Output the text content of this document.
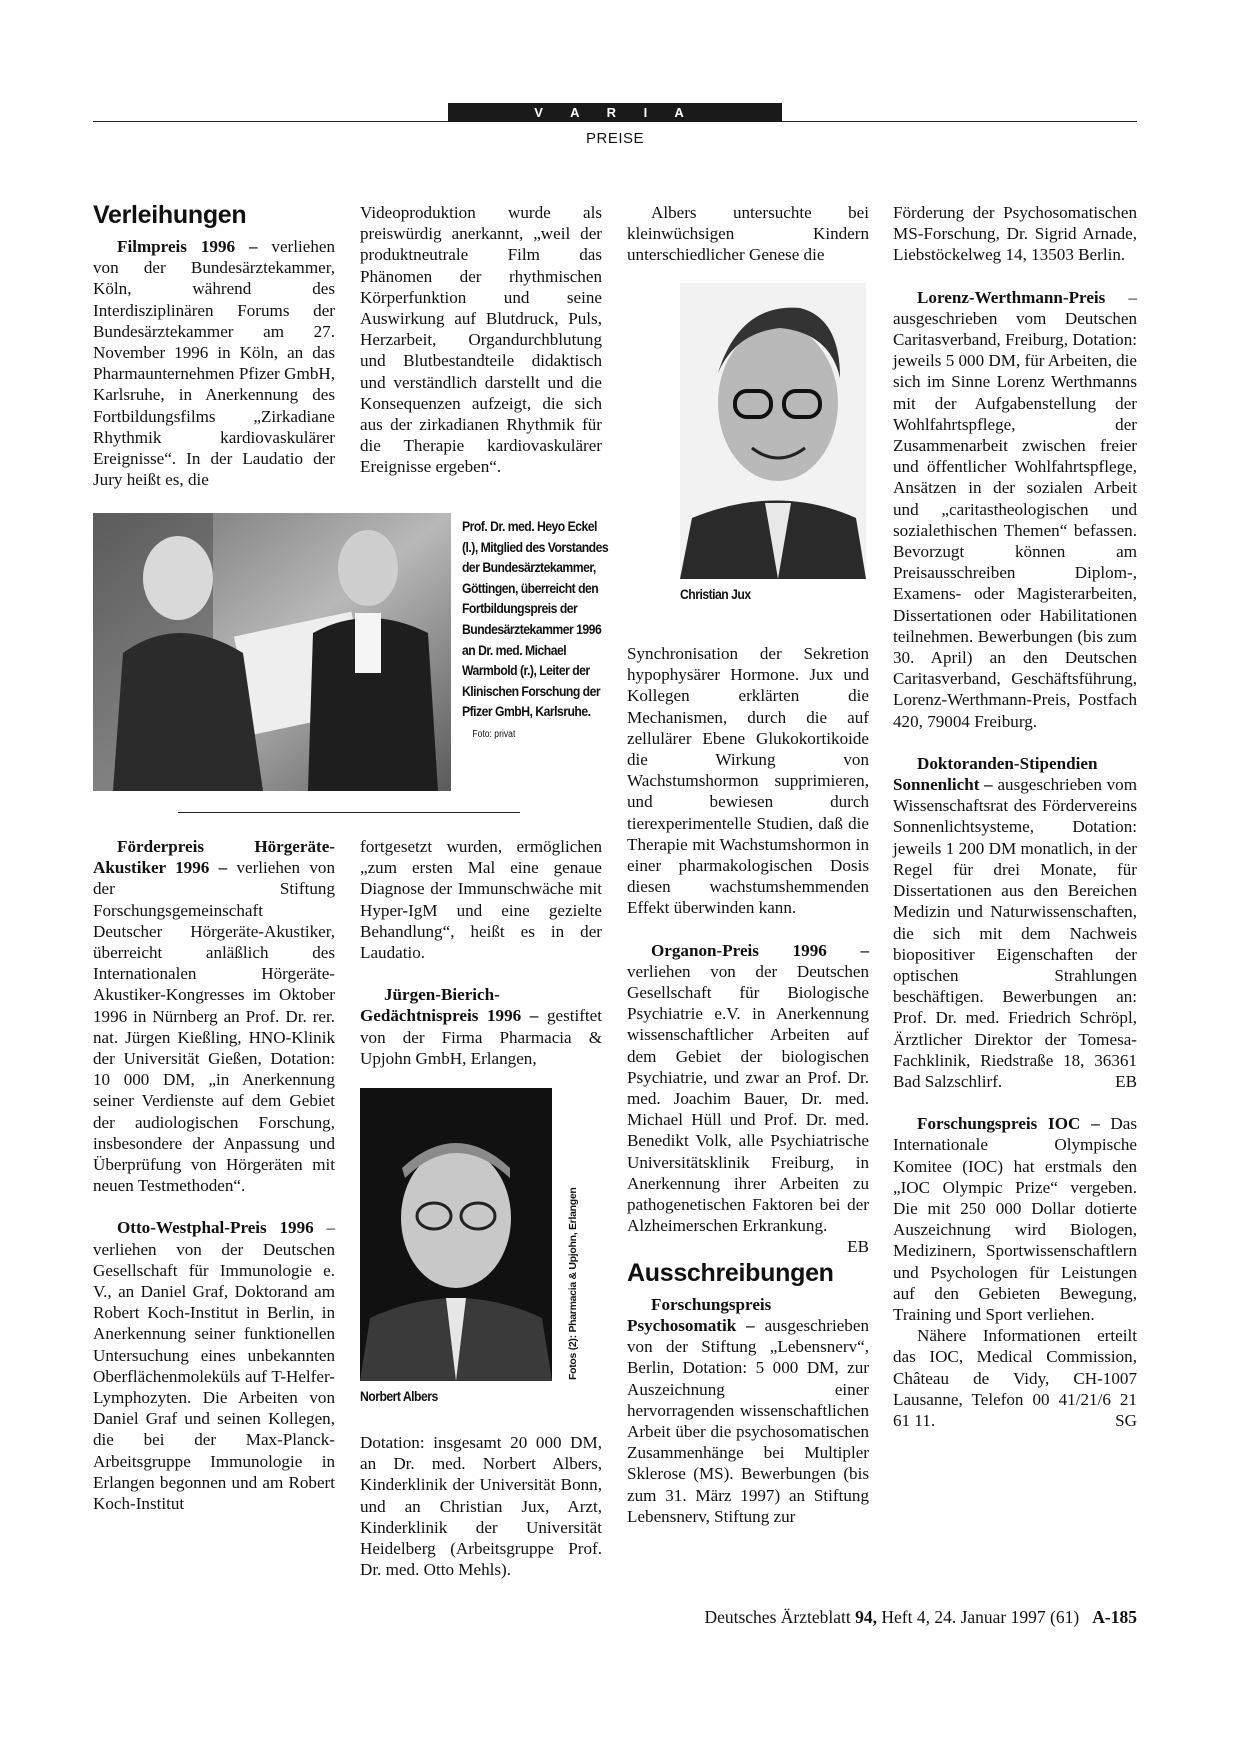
V A R I A
PREISE
Verleihungen

Filmpreis 1996 – verliehen von der Bundesärztekammer, Köln, während des Interdisziplinären Forums der Bundesärztekammer am 27. November 1996 in Köln, an das Pharmaunternehmen Pfizer GmbH, Karlsruhe, in Anerkennung des Fortbildungsfilms „Zirkadiane Rhythmik kardiovaskulärer Ereignisse“. In der Laudatio der Jury heißt es, die

Videoproduktion wurde als preiswürdig anerkannt, „weil der produktneutrale Film das Phänomen der rhythmischen Körperfunktion und seine Auswirkung auf Blutdruck, Puls, Herzarbeit, Organdurchblutung und Blutbestandteile didaktisch und verständlich darstellt und die Konsequenzen aufzeigt, die sich aus der zirkadianen Rhythmik für die Therapie kardiovaskulärer Ereignisse ergeben“.

Prof. Dr. med. Heyo Eckel (l.), Mitglied des Vorstandes der Bundesärztekammer, Göttingen, überreicht den Fortbildungspreis der Bundesärztekammer 1996 an Dr. med. Michael Warmbold (r.), Leiter der Klinischen Forschung der Pfizer GmbH, Karlsruhe. Foto: privat

Förderpreis Hörgeräte-Akustiker 1996 – verliehen von der Stiftung Forschungsgemeinschaft Deutscher Hörgeräte-Akustiker, überreicht anläßlich des Internationalen Hörgeräte-Akustiker-Kongresses im Oktober 1996 in Nürnberg an Prof. Dr. rer. nat. Jürgen Kießling, HNO-Klinik der Universität Gießen, Dotation: 10 000 DM, „in Anerkennung seiner Verdienste auf dem Gebiet der audiologischen Forschung, insbesondere der Anpassung und Überprüfung von Hörgeräten mit neuen Testmethoden“.

Otto-Westphal-Preis 1996 – verliehen von der Deutschen Gesellschaft für Immunologie e. V., an Daniel Graf, Doktorand am Robert Koch-Institut in Berlin, in Anerkennung seiner funktionellen Untersuchung eines unbekannten Oberflächenmoleküls auf T-Helfer-Lymphozyten. Die Arbeiten von Daniel Graf und seinen Kollegen, die bei der Max-Planck-Arbeitsgruppe Immunologie in Erlangen begonnen und am Robert Koch-Institut

fortgesetzt wurden, ermöglichen „zum ersten Mal eine genaue Diagnose der Immunschwäche mit Hyper-IgM und eine gezielte Behandlung“, heißt es in der Laudatio.

Jürgen-Bierich-Gedächtnispreis 1996 – gestiftet von der Firma Pharmacia & Upjohn GmbH, Erlangen,

Fotos (2): Pharmacia & Upjohn, Erlangen
Norbert Albers

Dotation: insgesamt 20 000 DM, an Dr. med. Norbert Albers, Kinderklinik der Universität Bonn, und an Christian Jux, Arzt, Kinderklinik der Universität Heidelberg (Arbeitsgruppe Prof. Dr. med. Otto Mehls).

Albers untersuchte bei kleinwüchsigen Kindern unterschiedlicher Genese die

Christian Jux

Synchronisation der Sekretion hypophysärer Hormone. Jux und Kollegen erklärten die Mechanismen, durch die auf zellulärer Ebene Glukokortikoide die Wirkung von Wachstumshormon supprimieren, und bewiesen durch tierexperimentelle Studien, daß die Therapie mit Wachstumshormon in einer pharmakologischen Dosis diesen wachstumshemmenden Effekt überwinden kann.

Organon-Preis 1996 – verliehen von der Deutschen Gesellschaft für Biologische Psychiatrie e.V. in Anerkennung wissenschaftlicher Arbeiten auf dem Gebiet der biologischen Psychiatrie, und zwar an Prof. Dr. med. Joachim Bauer, Dr. med. Michael Hüll und Prof. Dr. med. Benedikt Volk, alle Psychiatrische Universitätsklinik Freiburg, in Anerkennung ihrer Arbeiten zu pathogenetischen Faktoren bei der Alzheimerschen Erkrankung.
EB

Ausschreibungen

Forschungspreis Psychosomatik – ausgeschrieben von der Stiftung „Lebensnerv“, Berlin, Dotation: 5 000 DM, zur Auszeichnung einer hervorragenden wissenschaftlichen Arbeit über die psychosomatischen Zusammenhänge bei Multipler Sklerose (MS). Bewerbungen (bis zum 31. März 1997) an Stiftung Lebensnerv, Stiftung zur

Förderung der Psychosomatischen MS-Forschung, Dr. Sigrid Arnade, Liebstöckelweg 14, 13503 Berlin.

Lorenz-Werthmann-Preis – ausgeschrieben vom Deutschen Caritasverband, Freiburg, Dotation: jeweils 5 000 DM, für Arbeiten, die sich im Sinne Lorenz Werthmanns mit der Aufgabenstellung der Wohlfahrtspflege, der Zusammenarbeit zwischen freier und öffentlicher Wohlfahrtspflege, Ansätzen in der sozialen Arbeit und „caritastheologischen und sozialethischen Themen“ befassen. Bevorzugt können am Preisausschreiben Diplom-, Examens- oder Magisterarbeiten, Dissertationen oder Habilitationen teilnehmen. Bewerbungen (bis zum 30. April) an den Deutschen Caritasverband, Geschäftsführung, Lorenz-Werthmann-Preis, Postfach 420, 79004 Freiburg.

Doktoranden-Stipendien Sonnenlicht – ausgeschrieben vom Wissenschaftsrat des Fördervereins Sonnenlichtsysteme, Dotation: jeweils 1 200 DM monatlich, in der Regel für drei Monate, für Dissertationen aus den Bereichen Medizin und Naturwissenschaften, die sich mit dem Nachweis biopositiver Eigenschaften der optischen Strahlungen beschäftigen. Bewerbungen an: Prof. Dr. med. Friedrich Schröpl, Ärztlicher Direktor der Tomesa-Fachklinik, Riedstraße 18, 36361 Bad Salzschlirf.	EB

Forschungspreis IOC – Das Internationale Olympische Komitee (IOC) hat erstmals den „IOC Olympic Prize“ vergeben. Die mit 250 000 Dollar dotierte Auszeichnung wird Biologen, Medizinern, Sportwissenschaftlern und Psychologen für Leistungen auf den Gebieten Bewegung, Training und Sport verliehen.

Nähere Informationen erteilt das IOC, Medical Commission, Château de Vidy, CH-1007 Lausanne, Telefon 00 41/21/6 21 61 11.	SG

Deutsches Ärzteblatt 94, Heft 4, 24. Januar 1997 (61) A-185
